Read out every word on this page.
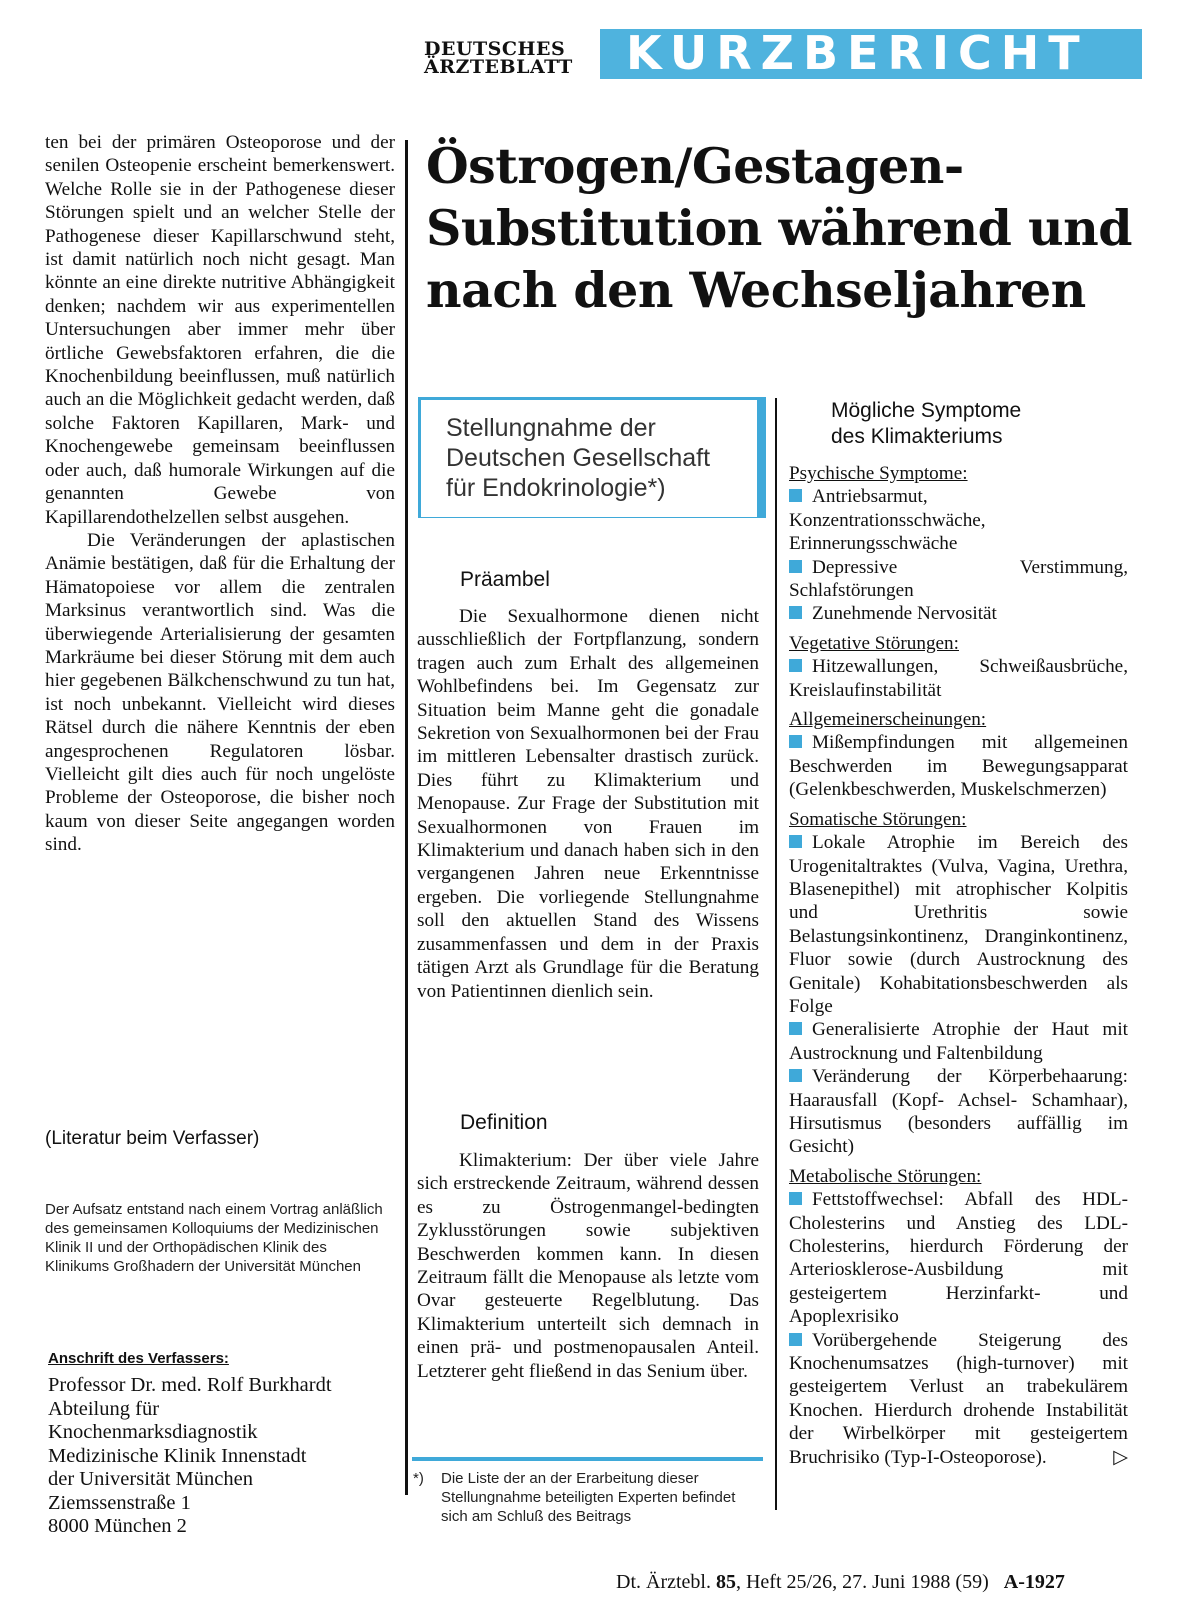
DEUTSCHES
ÄRZTEBLATT	KURZBERICHT

ten bei der primären Osteoporose und der senilen Osteopenie erscheint bemerkenswert. Welche Rolle sie in der Pathogenese dieser Störungen spielt und an welcher Stelle der Pathogenese dieser Kapillarschwund steht, ist damit natürlich noch nicht gesagt. Man könnte an eine direkte nutritive Abhängigkeit denken; nachdem wir aus experimentellen Untersuchungen aber immer mehr über örtliche Gewebsfaktoren erfahren, die die Knochenbildung beeinflussen, muß natürlich auch an die Möglichkeit gedacht werden, daß solche Faktoren Kapillaren, Mark- und Knochengewebe gemeinsam beeinflussen oder auch, daß humorale Wirkungen auf die genannten Gewebe von Kapillarendothelzellen selbst ausgehen.

Die Veränderungen der aplastischen Anämie bestätigen, daß für die Erhaltung der Hämatopoiese vor allem die zentralen Marksinus verantwortlich sind. Was die überwiegende Arterialisierung der gesamten Markräume bei dieser Störung mit dem auch hier gegebenen Bälkchenschwund zu tun hat, ist noch unbekannt. Vielleicht wird dieses Rätsel durch die nähere Kenntnis der eben angesprochenen Regulatoren lösbar. Vielleicht gilt dies auch für noch ungelöste Probleme der Osteoporose, die bisher noch kaum von dieser Seite angegangen worden sind.

(Literatur beim Verfasser)
Der Aufsatz entstand nach einem Vortrag anläßlich des gemeinsamen Kolloquiums der Medizinischen Klinik II und der Orthopädischen Klinik des Klinikums Großhadern der Universität München
Anschrift des Verfassers:
Professor Dr. med. Rolf Burkhardt
Abteilung für
Knochenmarksdiagnostik
Medizinische Klinik Innenstadt
der Universität München
Ziemssenstraße 1
8000 München 2
Östrogen/Gestagen-
Substitution während und
nach den Wechseljahren
Stellungnahme der
Deutschen Gesellschaft
für Endokrinologie*)
Präambel

Die Sexualhormone dienen nicht ausschließlich der Fortpflanzung, sondern tragen auch zum Erhalt des allgemeinen Wohlbefindens bei. Im Gegensatz zur Situation beim Manne geht die gonadale Sekretion von Sexualhormonen bei der Frau im mittleren Lebensalter drastisch zurück. Dies führt zu Klimakterium und Menopause. Zur Frage der Substitution mit Sexualhormonen von Frauen im Klimakterium und danach haben sich in den vergangenen Jahren neue Erkenntnisse ergeben. Die vorliegende Stellungnahme soll den aktuellen Stand des Wissens zusammenfassen und dem in der Praxis tätigen Arzt als Grundlage für die Beratung von Patientinnen dienlich sein.

Definition

Klimakterium: Der über viele Jahre sich erstreckende Zeitraum, während dessen es zu Östrogenmangel-bedingten Zyklusstörungen sowie subjektiven Beschwerden kommen kann. In diesen Zeitraum fällt die Menopause als letzte vom Ovar gesteuerte Regelblutung. Das Klimakterium unterteilt sich demnach in einen prä- und postmenopausalen Anteil. Letzterer geht fließend in das Senium über.

*) Die Liste der an der Erarbeitung dieser Stellungnahme beteiligten Experten befindet sich am Schluß des Beitrags
Mögliche Symptome
des Klimakteriums
Psychische Symptome:
Antriebsarmut, Konzentrationsschwäche, Erinnerungsschwäche
Depressive Verstimmung, Schlafstörungen
Zunehmende Nervosität
Vegetative Störungen:
Hitzewallungen, Schweißausbrüche, Kreislaufinstabilität
Allgemeinerscheinungen:
Mißempfindungen mit allgemeinen Beschwerden im Bewegungsapparat (Gelenkbeschwerden, Muskelschmerzen)
Somatische Störungen:
Lokale Atrophie im Bereich des Urogenitaltraktes (Vulva, Vagina, Urethra, Blasenepithel) mit atrophischer Kolpitis und Urethritis sowie Belastungsinkontinenz, Dranginkontinenz, Fluor sowie (durch Austrocknung des Genitale) Kohabitationsbeschwerden als Folge
Generalisierte Atrophie der Haut mit Austrocknung und Faltenbildung
Veränderung der Körperbehaarung: Haarausfall (Kopf- Achsel- Schamhaar), Hirsutismus (besonders auffällig im Gesicht)
Metabolische Störungen:
Fettstoffwechsel: Abfall des HDL-Cholesterins und Anstieg des LDL-Cholesterins, hierdurch Förderung der Arteriosklerose-Ausbildung mit gesteigertem Herzinfarkt- und Apoplexrisiko
Vorübergehende Steigerung des Knochenumsatzes (high-turnover) mit gesteigertem Verlust an trabekulärem Knochen. Hierdurch drohende Instabilität der Wirbelkörper mit gesteigertem Bruchrisiko (Typ-I-Osteoporose).	▷
Dt. Ärztebl. 85, Heft 25/26, 27. Juni 1988 (59) A-1927
